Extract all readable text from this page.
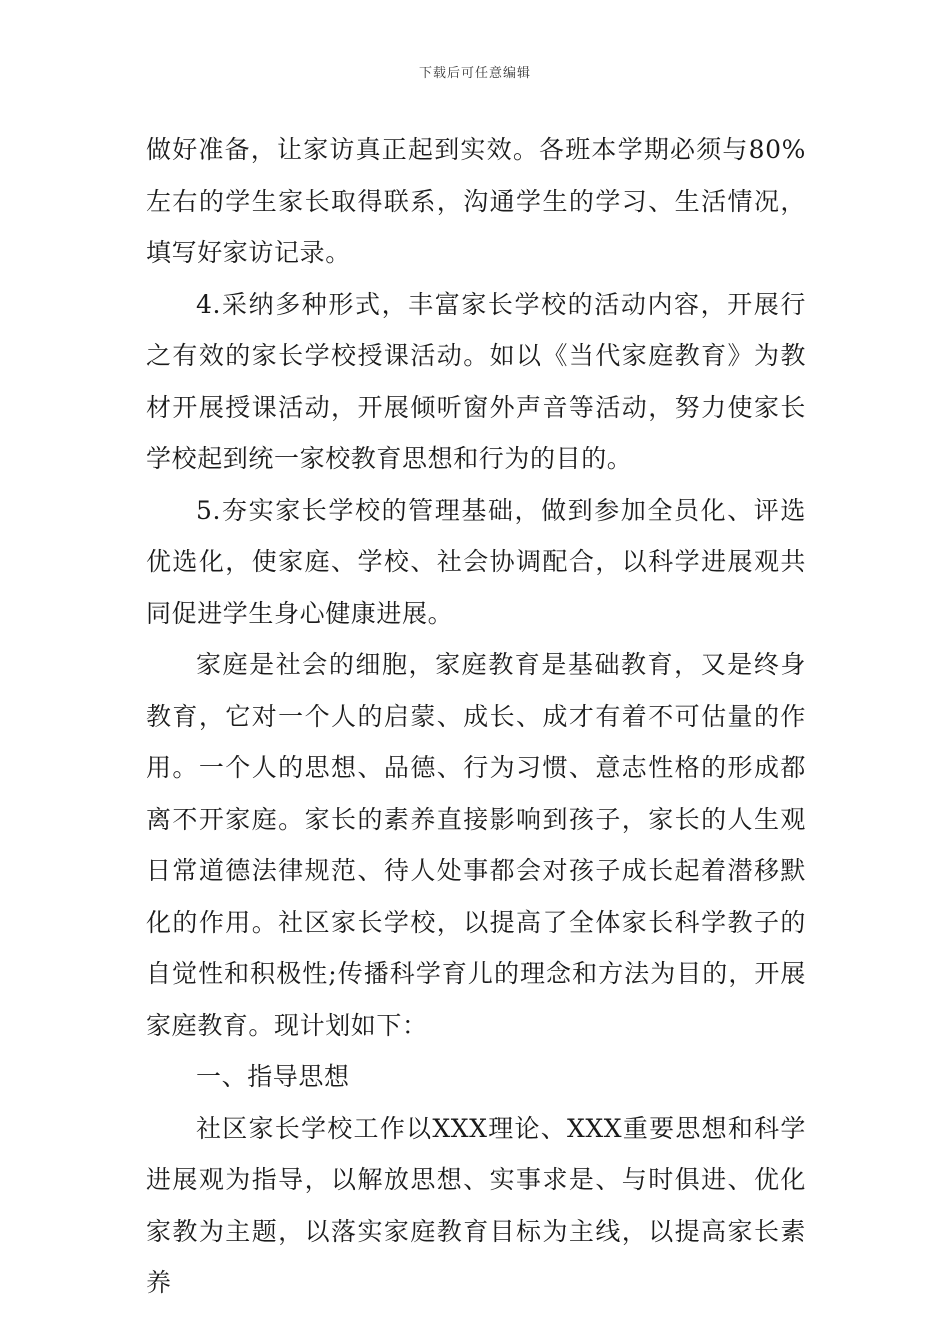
下载后可任意编辑

做好准备，让家访真正起到实效。各班本学期必须与80%左右的学生家长取得联系，沟通学生的学习、生活情况，填写好家访记录。

4.采纳多种形式，丰富家长学校的活动内容，开展行之有效的家长学校授课活动。如以《当代家庭教育》为教材开展授课活动，开展倾听窗外声音等活动，努力使家长学校起到统一家校教育思想和行为的目的。

5.夯实家长学校的管理基础，做到参加全员化、评选优选化，使家庭、学校、社会协调配合，以科学进展观共同促进学生身心健康进展。

家庭是社会的细胞，家庭教育是基础教育，又是终身教育，它对一个人的启蒙、成长、成才有着不可估量的作用。一个人的思想、品德、行为习惯、意志性格的形成都离不开家庭。家长的素养直接影响到孩子，家长的人生观日常道德法律规范、待人处事都会对孩子成长起着潜移默化的作用。社区家长学校，以提高了全体家长科学教子的自觉性和积极性;传播科学育儿的理念和方法为目的，开展家庭教育。现计划如下：

一、指导思想

社区家长学校工作以XXX理论、XXX重要思想和科学进展观为指导，以解放思想、实事求是、与时俱进、优化家教为主题，以落实家庭教育目标为主线，以提高家长素养
